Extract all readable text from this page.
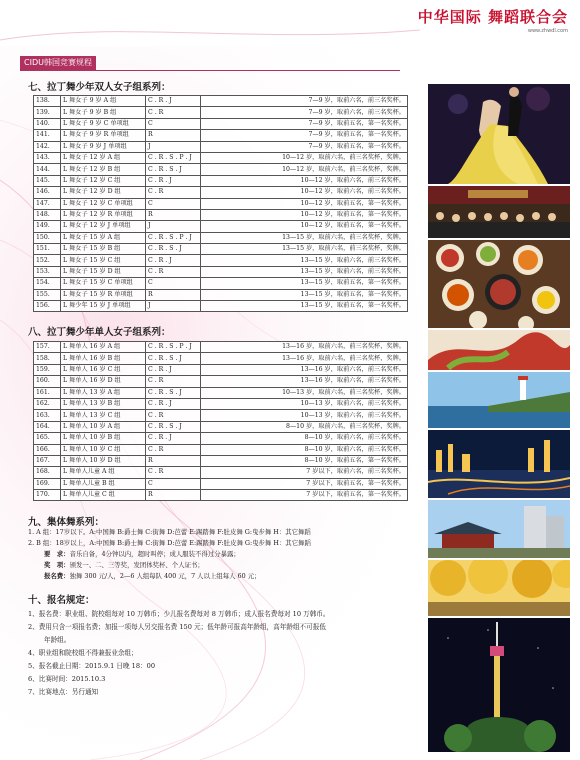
中华国际 舞蹈联合会
www.zhwdl.com
CIDU韩国竞赛规程
七、拉丁舞少年双人女子组系列：
138.	L 舞女子 9 岁 A 组	C . R . J	7—9 岁，取前六名，前三名奖杯。
139.	L 舞女子 9 岁 B 组	C . R	7—9 岁，取前六名，前三名奖杯。
140.	L 舞女子 9 岁 C 单项组	C	7—9 岁，取前五名，第一名奖杯。
141.	L 舞女子 9 岁 R 单项组	R	7—9 岁，取前五名，第一名奖杯。
142.	L 舞女子 9 岁 J 单项组	J	7—9 岁，取前五名，第一名奖杯。
143.	L 舞女子 12 岁 A 组	C . R . S . P . J	10—12 岁，取前六名，前三名奖杯，奖牌。
144.	L 舞女子 12 岁 B 组	C . R . S . J	10—12 岁，取前六名，前三名奖杯，奖牌。
145.	L 舞女子 12 岁 C 组	C . R . J	10—12 岁，取前六名，前三名奖杯。
146.	L 舞女子 12 岁 D 组	C . R	10—12 岁，取前六名，前三名奖杯。
147.	L 舞女子 12 岁 C 单项组	C	10—12 岁，取前五名，第一名奖杯。
148.	L 舞女子 12 岁 R 单项组	R	10—12 岁，取前五名，第一名奖杯。
149.	L 舞女子 12 岁 J 单项组	J	10—12 岁，取前五名，第一名奖杯。
150.	L 舞女子 15 岁 A 组	C . R . S . P . J	13—15 岁，取前六名，前三名奖杯，奖牌。
151.	L 舞女子 15 岁 B 组	C . R . S . J	13—15 岁，取前六名，前三名奖杯，奖牌。
152.	L 舞女子 15 岁 C 组	C . R . J	13—15 岁，取前六名，前三名奖杯。
153.	L 舞女子 15 岁 D 组	C . R	13—15 岁，取前六名，前三名奖杯。
154.	L 舞女子 15 岁 C 单项组	C	13—15 岁，取前五名，第一名奖杯。
155.	L 舞女子 15 岁 R 单项组	R	13—15 岁，取前五名，第一名奖杯。
156.	L 舞少年 15 岁 J 单项组	J	13—15 岁，取前五名，第一名奖杯。
八、拉丁舞少年单人女子组系列：
157.	L 舞单人 16 岁 A 组	C . R . S . P . J	13—16 岁，取前六名，前三名奖杯，奖牌。
158.	L 舞单人 16 岁 B 组	C . R . S . J	13—16 岁，取前六名，前三名奖杯，奖牌。
159.	L 舞单人 16 岁 C 组	C . R . J	13—16 岁，取前六名，前三名奖杯。
160.	L 舞单人 16 岁 D 组	C . R	13—16 岁，取前六名，前三名奖杯。
161.	L 舞单人 13 岁 A 组	C . R . S . J	10—13 岁，取前六名，前三名奖杯，奖牌。
162.	L 舞单人 13 岁 B 组	C . R . J	10—13 岁，取前六名，前三名奖杯。
163.	L 舞单人 13 岁 C 组	C . R	10—13 岁，取前六名，前三名奖杯。
164.	L 舞单人 10 岁 A 组	C . R . S . J	8—10 岁，取前六名，前三名奖杯，奖牌。
165.	L 舞单人 10 岁 B 组	C . R . J	8—10 岁，取前六名，前三名奖杯。
166.	L 舞单人 10 岁 C 组	C . R	8—10 岁，取前六名，前三名奖杯。
167.	L 舞单人 10 岁 D 组	R	8—10 岁，取前五名，第一名奖杯。
168.	L 舞单人儿童 A 组	C . R	7 岁以下，取前六名，前三名奖杯。
169.	L 舞单人儿童 B 组	C	7 岁以下，取前五名，第一名奖杯。
170.	L 舞单人儿童 C 组	R	7 岁以下，取前五名，第一名奖杯。
九、集体舞系列：
1. A 组：17岁以下。A:中国舞 B:爵士舞 C:街舞 D:芭蕾 E:踢踏舞 F:肚皮舞 G:曳步舞 H：其它舞蹈
2. B 组：18岁以上，A:中国舞 B:爵士舞 C:街舞 D:芭蕾 E:踢踏舞 F:肚皮舞 G:曳步舞 H：其它舞蹈
要　求：音乐自备，4分钟以内，超时叫停；成人服装不得过分暴露；
奖　项：颁发一、二、三等奖，发团体奖杯、个人证书；
报名费：独舞 300 元/人，2—6 人组每队 400 元，7 人以上组每人 60 元；
十、报名规定：
1、报名费：职业组、院校组每对 10 万韩币；少儿报名费每对 8 万韩币；成人报名费每对 10 万韩币。
2、费用只含一项报名费；加报一项每人另交报名费 150 元；低年龄可报高年龄组，高年龄组不可报低
年龄组。
4、职业组和院校组不得兼报业余组；
5、报名截止日期：2015.9.1 日晚 18：00
6、比赛时间：2015.10.3
7、比赛地点：另行通知
